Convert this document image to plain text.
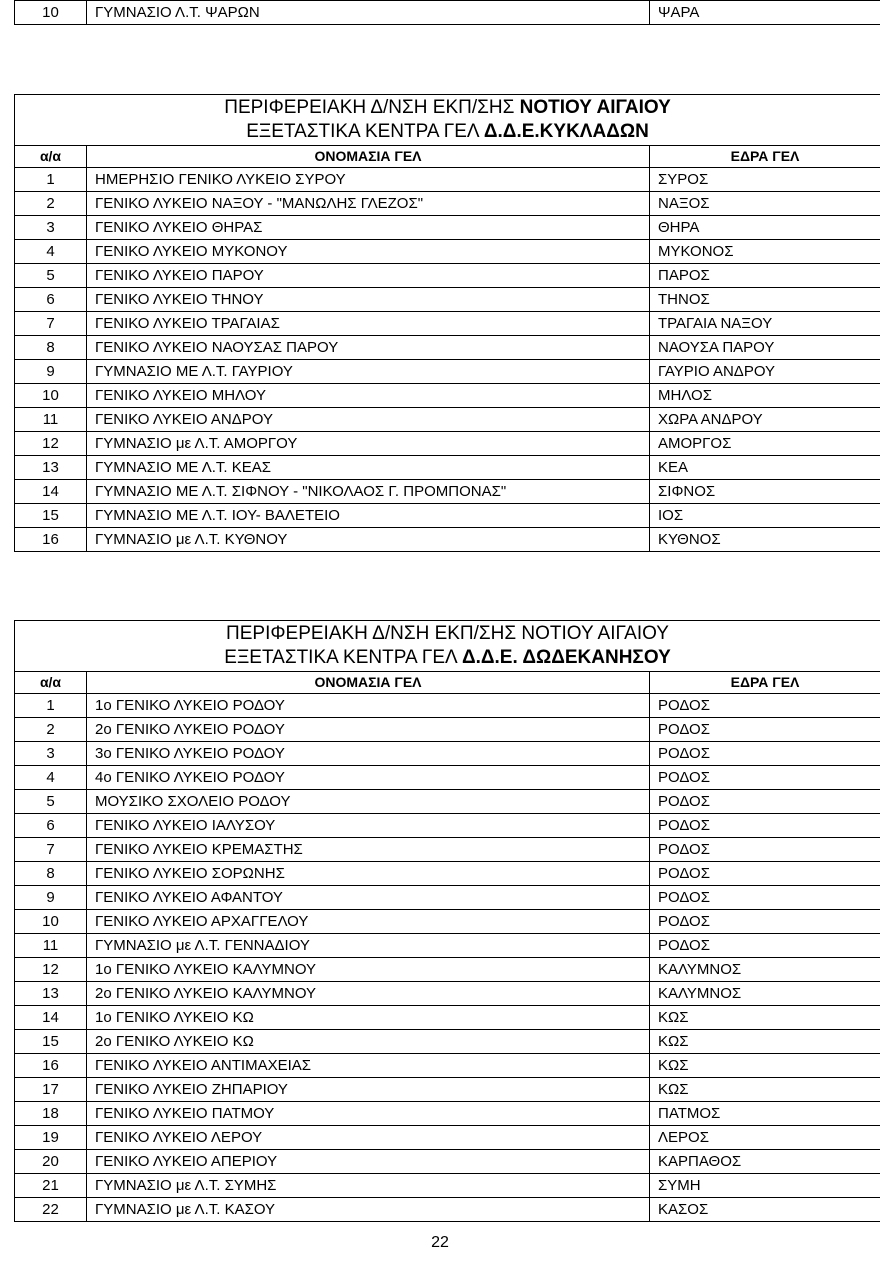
10	ΓΥΜΝΑΣΙΟ Λ.Τ. ΨΑΡΩΝ	ΨΑΡΑ
ΠΕΡΙΦΕΡΕΙΑΚΗ Δ/ΝΣΗ ΕΚΠ/ΣΗΣ ΝΟΤΙΟΥ ΑΙΓΑΙΟΥ
ΕΞΕΤΑΣΤΙΚΑ ΚΕΝΤΡΑ ΓΕΛ Δ.Δ.Ε.ΚΥΚΛΑΔΩΝ		

α/α	ΟΝΟΜΑΣΙΑ ΓΕΛ	ΕΔΡΑ ΓΕΛ
1	ΗΜΕΡΗΣΙΟ ΓΕΝΙΚΟ ΛΥΚΕΙΟ ΣΥΡΟΥ	ΣΥΡΟΣ
2	ΓΕΝΙΚΟ ΛΥΚΕΙΟ ΝΑΞΟΥ - "ΜΑΝΩΛΗΣ ΓΛΕΖΟΣ"	ΝΑΞΟΣ
3	ΓΕΝΙΚΟ ΛΥΚΕΙΟ ΘΗΡΑΣ	ΘΗΡΑ
4	ΓΕΝΙΚΟ ΛΥΚΕΙΟ ΜΥΚΟΝΟΥ	ΜΥΚΟΝΟΣ
5	ΓΕΝΙΚΟ ΛΥΚΕΙΟ ΠΑΡΟΥ	ΠΑΡΟΣ
6	ΓΕΝΙΚΟ ΛΥΚΕΙΟ ΤΗΝΟΥ	ΤΗΝΟΣ
7	ΓΕΝΙΚΟ ΛΥΚΕΙΟ ΤΡΑΓΑΙΑΣ	ΤΡΑΓΑΙΑ ΝΑΞΟΥ
8	ΓΕΝΙΚΟ ΛΥΚΕΙΟ ΝΑΟΥΣΑΣ ΠΑΡΟΥ	ΝΑΟΥΣΑ ΠΑΡΟΥ
9	ΓΥΜΝΑΣΙΟ ΜΕ Λ.Τ. ΓΑΥΡΙΟΥ	ΓΑΥΡΙΟ ΑΝΔΡΟΥ
10	ΓΕΝΙΚΟ ΛΥΚΕΙΟ ΜΗΛΟΥ	ΜΗΛΟΣ
11	ΓΕΝΙΚΟ ΛΥΚΕΙΟ ΑΝΔΡΟΥ	ΧΩΡΑ ΑΝΔΡΟΥ
12	ΓΥΜΝΑΣΙΟ με Λ.Τ. ΑΜΟΡΓΟΥ	ΑΜΟΡΓΟΣ
13	ΓΥΜΝΑΣΙΟ ΜΕ Λ.Τ. ΚΕΑΣ	ΚΕΑ
14	ΓΥΜΝΑΣΙΟ ΜΕ Λ.Τ. ΣΙΦΝΟΥ - "ΝΙΚΟΛΑΟΣ Γ. ΠΡΟΜΠΟΝΑΣ"	ΣΙΦΝΟΣ
15	ΓΥΜΝΑΣΙΟ ΜΕ Λ.Τ. ΙΟΥ- ΒΑΛΕΤΕΙΟ	ΙΟΣ
16	ΓΥΜΝΑΣΙΟ με Λ.Τ. ΚΥΘΝΟΥ	ΚΥΘΝΟΣ
ΠΕΡΙΦΕΡΕΙΑΚΗ Δ/ΝΣΗ ΕΚΠ/ΣΗΣ ΝΟΤΙΟΥ ΑΙΓΑΙΟΥ
ΕΞΕΤΑΣΤΙΚΑ ΚΕΝΤΡΑ ΓΕΛ Δ.Δ.Ε. ΔΩΔΕΚΑΝΗΣΟΥ		

α/α	ΟΝΟΜΑΣΙΑ ΓΕΛ	ΕΔΡΑ ΓΕΛ
1	1ο ΓΕΝΙΚΟ ΛΥΚΕΙΟ ΡΟΔΟΥ	ΡΟΔΟΣ
2	2ο ΓΕΝΙΚΟ ΛΥΚΕΙΟ ΡΟΔΟΥ	ΡΟΔΟΣ
3	3ο ΓΕΝΙΚΟ ΛΥΚΕΙΟ ΡΟΔΟΥ	ΡΟΔΟΣ
4	4ο ΓΕΝΙΚΟ ΛΥΚΕΙΟ ΡΟΔΟΥ	ΡΟΔΟΣ
5	ΜΟΥΣΙΚΟ ΣΧΟΛΕΙΟ ΡΟΔΟΥ	ΡΟΔΟΣ
6	ΓΕΝΙΚΟ ΛΥΚΕΙΟ ΙΑΛΥΣΟΥ	ΡΟΔΟΣ
7	ΓΕΝΙΚΟ ΛΥΚΕΙΟ ΚΡΕΜΑΣΤΗΣ	ΡΟΔΟΣ
8	ΓΕΝΙΚΟ ΛΥΚΕΙΟ ΣΟΡΩΝΗΣ	ΡΟΔΟΣ
9	ΓΕΝΙΚΟ ΛΥΚΕΙΟ ΑΦΑΝΤΟΥ	ΡΟΔΟΣ
10	ΓΕΝΙΚΟ ΛΥΚΕΙΟ ΑΡΧΑΓΓΕΛΟΥ	ΡΟΔΟΣ
11	ΓΥΜΝΑΣΙΟ με Λ.Τ. ΓΕΝΝΑΔΙΟΥ	ΡΟΔΟΣ
12	1ο ΓΕΝΙΚΟ ΛΥΚΕΙΟ ΚΑΛΥΜΝΟΥ	ΚΑΛΥΜΝΟΣ
13	2ο ΓΕΝΙΚΟ ΛΥΚΕΙΟ ΚΑΛΥΜΝΟΥ	ΚΑΛΥΜΝΟΣ
14	1ο ΓΕΝΙΚΟ ΛΥΚΕΙΟ ΚΩ	ΚΩΣ
15	2ο ΓΕΝΙΚΟ ΛΥΚΕΙΟ ΚΩ	ΚΩΣ
16	ΓΕΝΙΚΟ ΛΥΚΕΙΟ ΑΝΤΙΜΑΧΕΙΑΣ	ΚΩΣ
17	ΓΕΝΙΚΟ ΛΥΚΕΙΟ ΖΗΠΑΡΙΟΥ	ΚΩΣ
18	ΓΕΝΙΚΟ ΛΥΚΕΙΟ ΠΑΤΜΟΥ	ΠΑΤΜΟΣ
19	ΓΕΝΙΚΟ ΛΥΚΕΙΟ ΛΕΡΟΥ	ΛΕΡΟΣ
20	ΓΕΝΙΚΟ ΛΥΚΕΙΟ ΑΠΕΡΙΟΥ	ΚΑΡΠΑΘΟΣ
21	ΓΥΜΝΑΣΙΟ με Λ.Τ. ΣΥΜΗΣ	ΣΥΜΗ
22	ΓΥΜΝΑΣΙΟ με Λ.Τ. ΚΑΣΟΥ	ΚΑΣΟΣ
22
